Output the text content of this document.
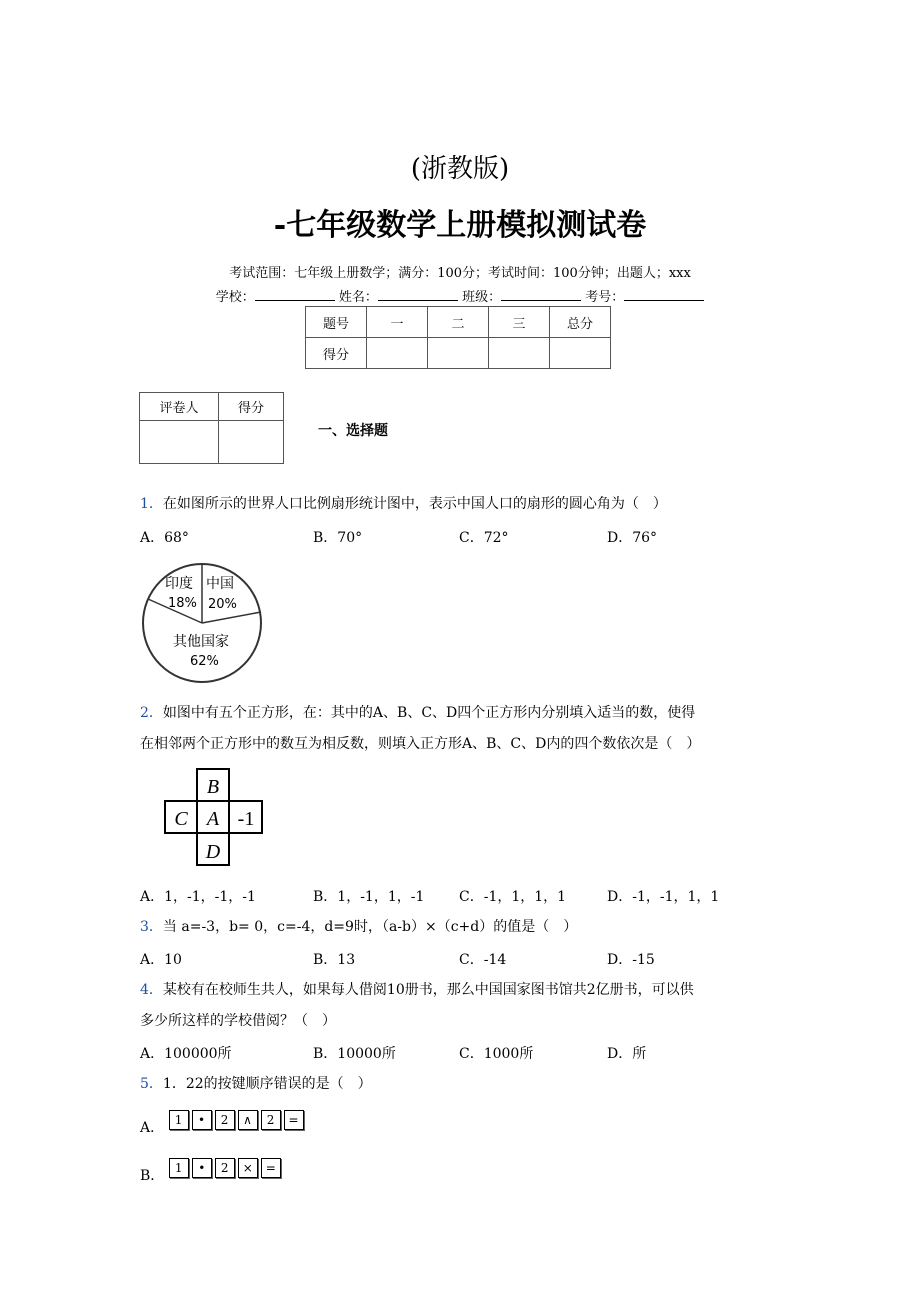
(浙教版)
-七年级数学上册模拟测试卷
考试范围：七年级上册数学；满分：100分；考试时间：100分钟；出题人；xxx
学校：	姓名：	班级：	考号：
题号	一	二	三	总分
得分				
评卷人	得分

一、选择题
1．在如图所示的世界人口比例扇形统计图中，表示中国人口的扇形的圆心角为（　）
A．68°	B．70°	C．72°	D．76°
印度
18%
中国
20%
其他国家
62%
2．如图中有五个正方形，在：其中的A、B、C、D四个正方形内分别填入适当的数，使得
在相邻两个正方形中的数互为相反数，则填入正方形A、B、C、D内的四个数依次是（　）
B
C A
D
-1
A．1，-1，-1，-1	B．1，-1，1，-1 C．-1，1，1，1	D．-1，-1，1，1
3．当 a=-3，b= 0，c=-4，d=9时，（a-b）×（c+d）的值是（　）
A．10	B．13	C．-14	D．-15
4．某校有在校师生共人，如果每人借阅10册书，那么中国国家图书馆共2亿册书，可以供
多少所这样的学校借阅？（　）
A．100000所	B．10000所	C．1000所	D．所
5．1．22的按键顺序错误的是（　）
A． 1 • 2 ∧ 2 =
B． 1 • 2 × =
